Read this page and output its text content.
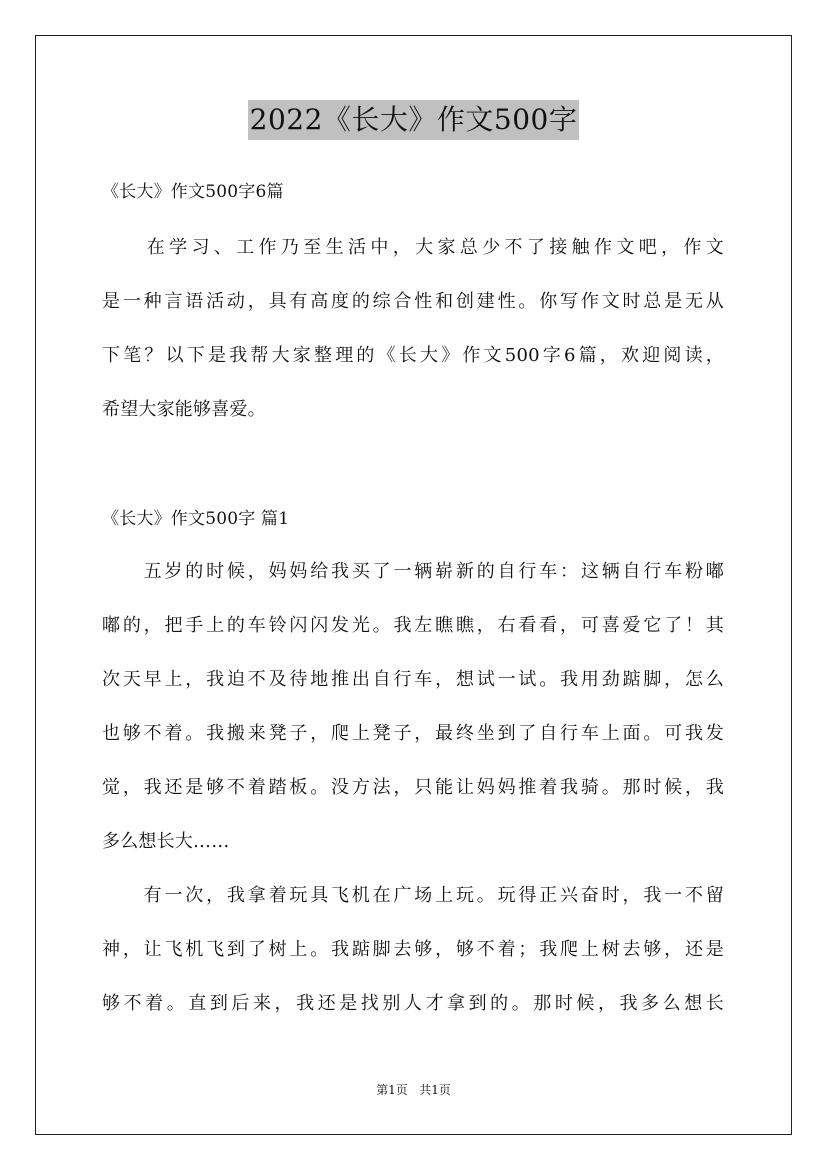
2022《长大》作文500字
《长大》作文500字6篇
　　在学习、工作乃至生活中，大家总少不了接触作文吧，作文
是一种言语活动，具有高度的综合性和创建性。你写作文时总是无从
下笔？以下是我帮大家整理的《长大》作文500字6篇，欢迎阅读，
希望大家能够喜爱。
《长大》作文500字 篇1
　　五岁的时候，妈妈给我买了一辆崭新的自行车：这辆自行车粉嘟
嘟的，把手上的车铃闪闪发光。我左瞧瞧，右看看，可喜爱它了！其
次天早上，我迫不及待地推出自行车，想试一试。我用劲踮脚，怎么
也够不着。我搬来凳子，爬上凳子，最终坐到了自行车上面。可我发
觉，我还是够不着踏板。没方法，只能让妈妈推着我骑。那时候，我
多么想长大……
　　有一次，我拿着玩具飞机在广场上玩。玩得正兴奋时，我一不留
神，让飞机飞到了树上。我踮脚去够，够不着；我爬上树去够，还是
够不着。直到后来，我还是找别人才拿到的。那时候，我多么想长
第1页 共1页
